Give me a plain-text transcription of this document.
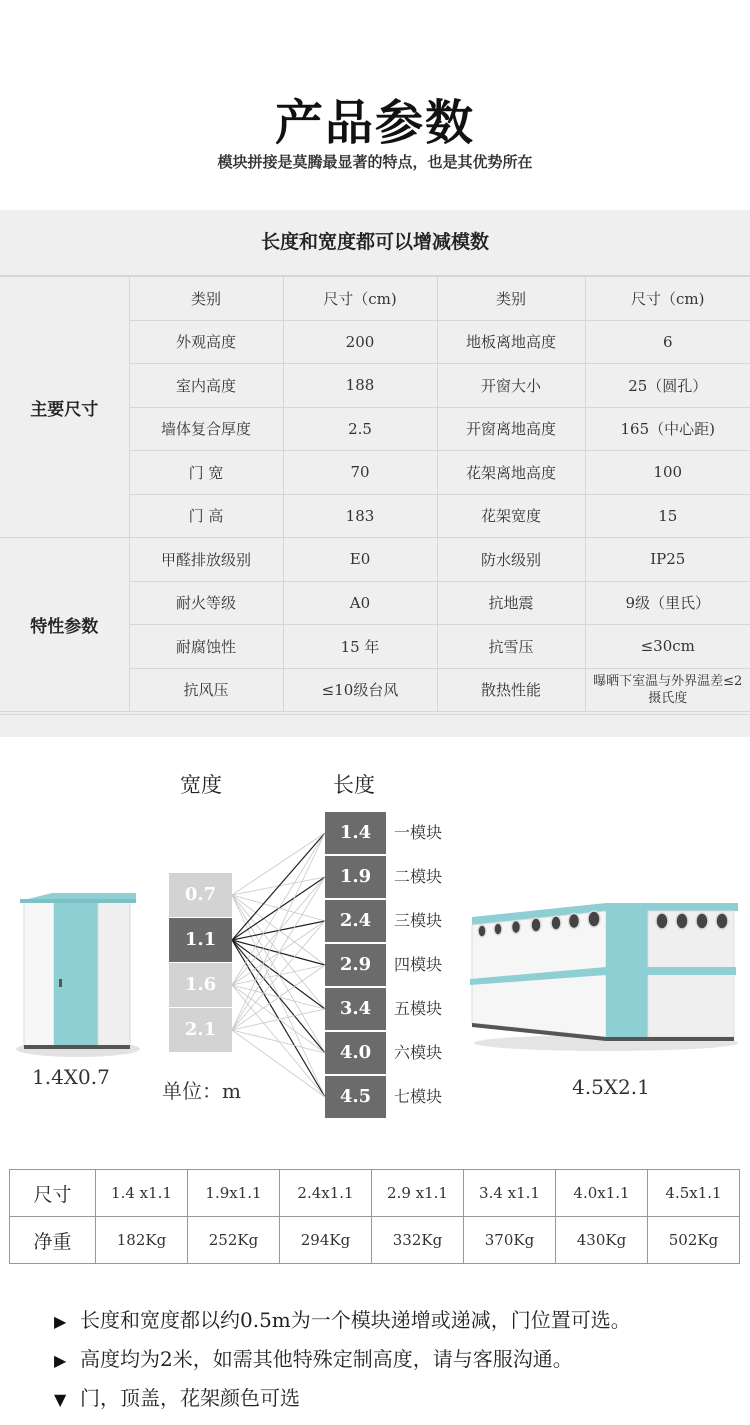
产品参数
模块拼接是莫腾最显著的特点，也是其优势所在
长度和宽度都可以增减模数
主要尺寸	类别	尺寸（cm)	类别	尺寸（cm)
	外观高度	200	地板离地高度	6
	室内高度	188	开窗大小	25（圆孔）
	墙体复合厚度	2.5	开窗离地高度	165（中心距)
	门 宽	70	花架离地高度	100
	门 高	183	花架宽度	15
特性参数	甲醛排放级别	E0	防水级别	IP25
	耐火等级	A0	抗地震	9级（里氏）
	耐腐蚀性	15 年	抗雪压	≤30cm
	抗风压	≤10级台风	散热性能	曝晒下室温与外界温差≤2摄氏度
宽度	长度
0.7
1.1
1.6
2.1
1.4
1.9
2.4
2.9
3.4
4.0
4.5
一模块
二模块
三模块
四模块
五模块
六模块
七模块
1.4X0.7
单位：m	4.5X2.1
尺寸	1.4 x1.1	1.9x1.1	2.4x1.1	2.9 x1.1	3.4 x1.1	4.0x1.1	4.5x1.1
净重	182Kg	252Kg	294Kg	332Kg	370Kg	430Kg	502Kg
▶ 长度和宽度都以约0.5m为一个模块递增或递减，门位置可选。
▶ 高度均为2米，如需其他特殊定制高度，请与客服沟通。
▼ 门，顶盖，花架颜色可选
